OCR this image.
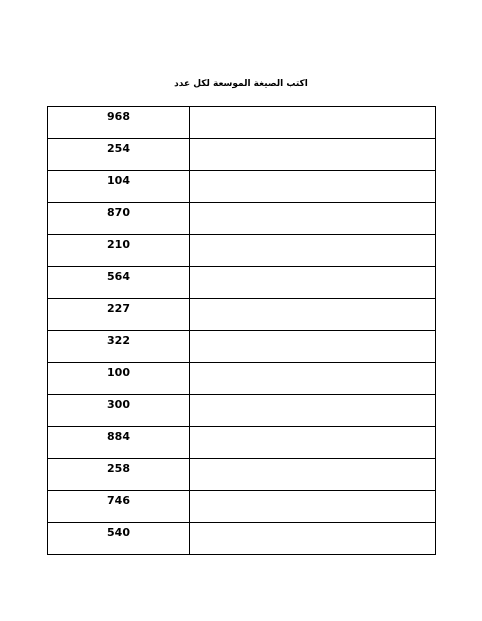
اكتب الصيغة الموسعة لكل عدد
968	
254	
104	
870	
210	
564	
227	
322	
100	
300	
884	
258	
746	
540	
